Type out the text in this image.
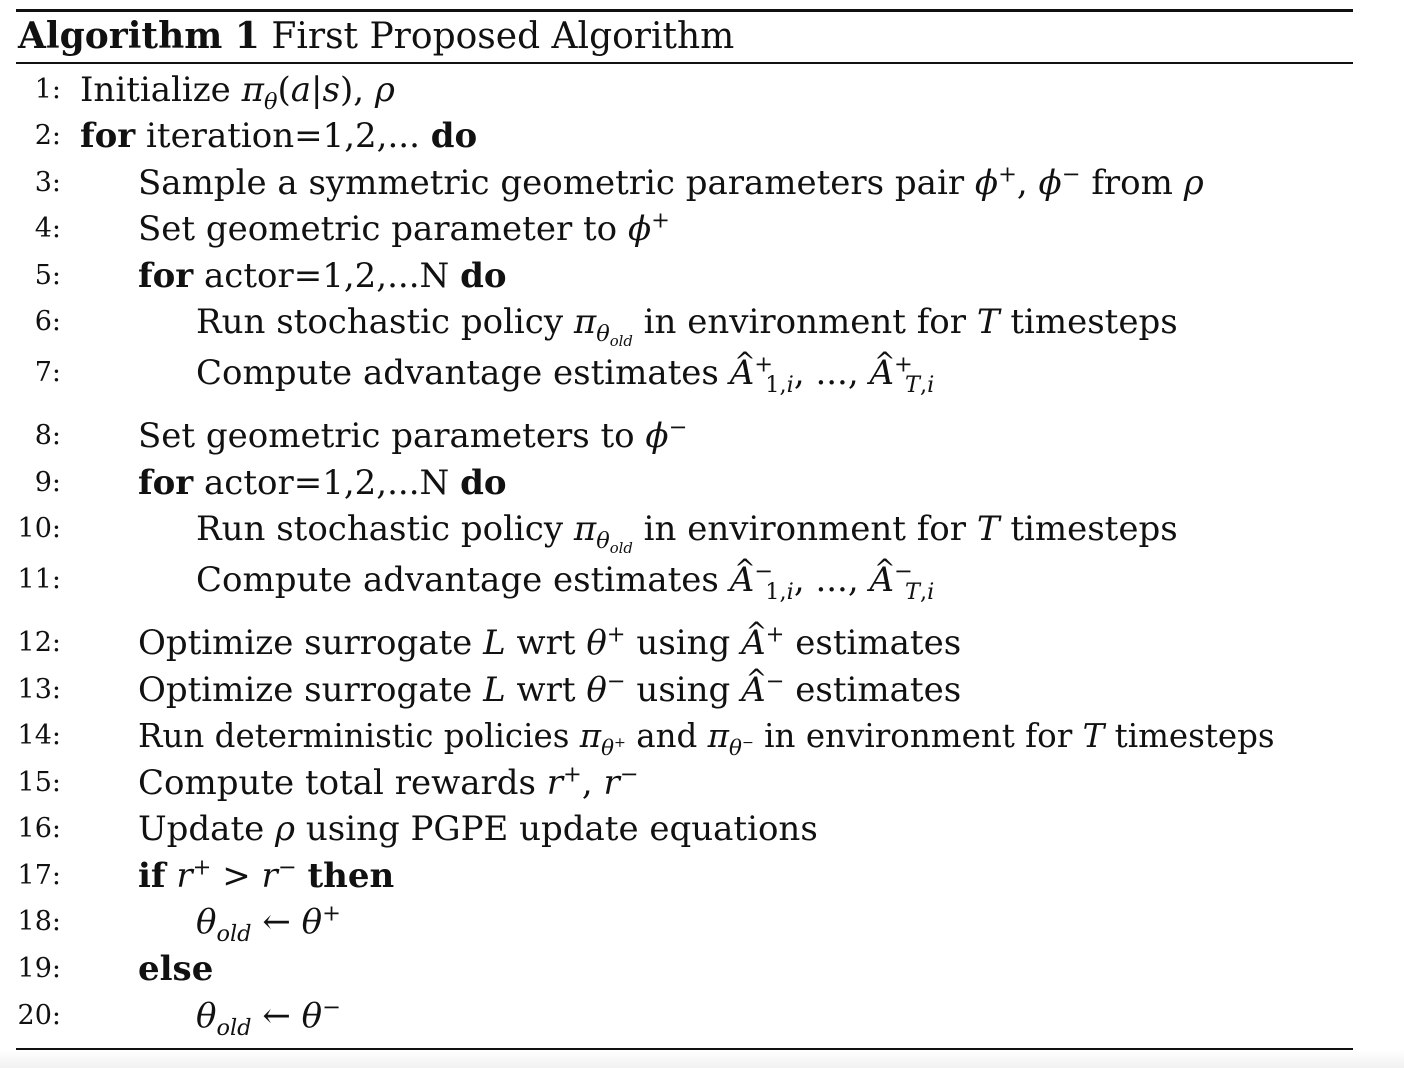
Algorithm 1 First Proposed Algorithm
1: Initialize $\pi_\theta(a|s)$, ρ
2: for iteration=1,2,... do
3: Sample a symmetric geometric parameters pair ϕ+, ϕ− from ρ
4: Set geometric parameter to ϕ+
5: for actor=1,2,...N do
6:	Run stochastic policy $\pi_{\theta_{old}}$ in environment for T timesteps
7:	Compute advantage estimates ^ $A^+_{1,i}$, ..., ^ $A^+_{T,i}$
8: Set geometric parameters to ϕ−
9: for actor=1,2,...N do
10:	Run stochastic policy $\pi_{\theta_{old}}$ in environment for T timesteps
11:	Compute advantage estimates ^ $A^-_{1,i}$, ..., ^ $A^-_{T,i}$
12: Optimize surrogate L wrt θ+ using ^ A+ estimates
13: Optimize surrogate L wrt θ− using ^ A− estimates
14: Run deterministic policies $\pi_{\theta^+}$ and $\pi_{\theta^-}$ in environment for T timesteps
15: Compute total rewards r+, r−
16: Update ρ using PGPE update equations
17: if r+ > r− then
18:	$\theta_{old}$ ← θ+
19: else
20:	$\theta_{old}$ ← θ−
